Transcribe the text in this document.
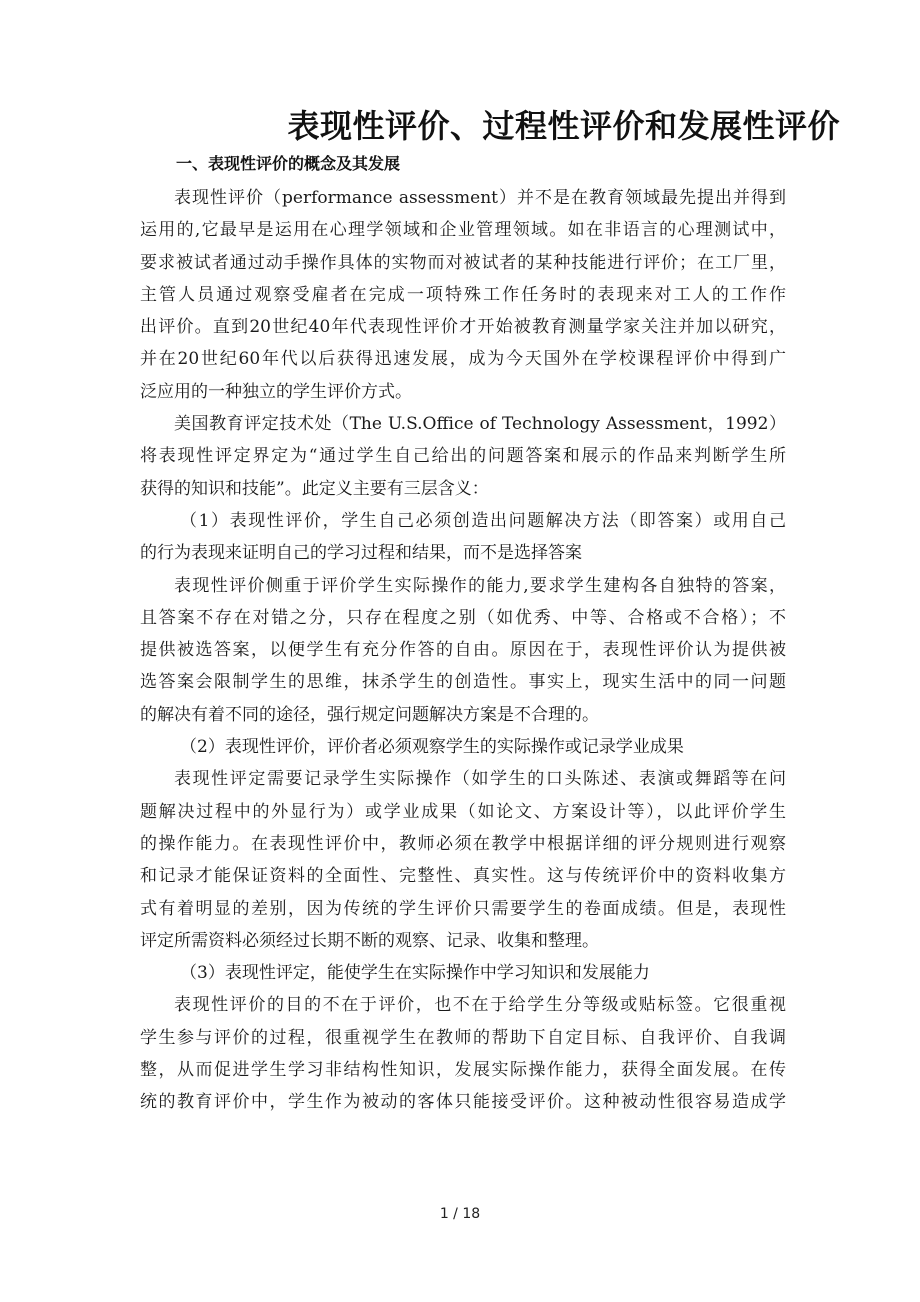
表现性评价、过程性评价和发展性评价
一、表现性评价的概念及其发展
表现性评价（performance assessment）并不是在教育领域最先提出并得到
运用的,它最早是运用在心理学领域和企业管理领域。如在非语言的心理测试中，
要求被试者通过动手操作具体的实物而对被试者的某种技能进行评价；在工厂里，
主管人员通过观察受雇者在完成一项特殊工作任务时的表现来对工人的工作作
出评价。直到20世纪40年代表现性评价才开始被教育测量学家关注并加以研究，
并在20世纪60年代以后获得迅速发展，成为今天国外在学校课程评价中得到广
泛应用的一种独立的学生评价方式。
美国教育评定技术处（The U.S.Office of Technology Assessment，1992）
将表现性评定界定为“通过学生自己给出的问题答案和展示的作品来判断学生所
获得的知识和技能”。此定义主要有三层含义：
（1）表现性评价，学生自己必须创造出问题解决方法（即答案）或用自己
的行为表现来证明自己的学习过程和结果，而不是选择答案
表现性评价侧重于评价学生实际操作的能力,要求学生建构各自独特的答案，
且答案不存在对错之分，只存在程度之别（如优秀、中等、合格或不合格）；不
提供被选答案，以便学生有充分作答的自由。原因在于，表现性评价认为提供被
选答案会限制学生的思维，抹杀学生的创造性。事实上，现实生活中的同一问题
的解决有着不同的途径，强行规定问题解决方案是不合理的。
（2）表现性评价，评价者必须观察学生的实际操作或记录学业成果
表现性评定需要记录学生实际操作（如学生的口头陈述、表演或舞蹈等在问
题解决过程中的外显行为）或学业成果（如论文、方案设计等），以此评价学生
的操作能力。在表现性评价中，教师必须在教学中根据详细的评分规则进行观察
和记录才能保证资料的全面性、完整性、真实性。这与传统评价中的资料收集方
式有着明显的差别，因为传统的学生评价只需要学生的卷面成绩。但是，表现性
评定所需资料必须经过长期不断的观察、记录、收集和整理。
（3）表现性评定，能使学生在实际操作中学习知识和发展能力
表现性评价的目的不在于评价，也不在于给学生分等级或贴标签。它很重视
学生参与评价的过程，很重视学生在教师的帮助下自定目标、自我评价、自我调
整，从而促进学生学习非结构性知识，发展实际操作能力，获得全面发展。在传
统的教育评价中，学生作为被动的客体只能接受评价。这种被动性很容易造成学
1 / 18
